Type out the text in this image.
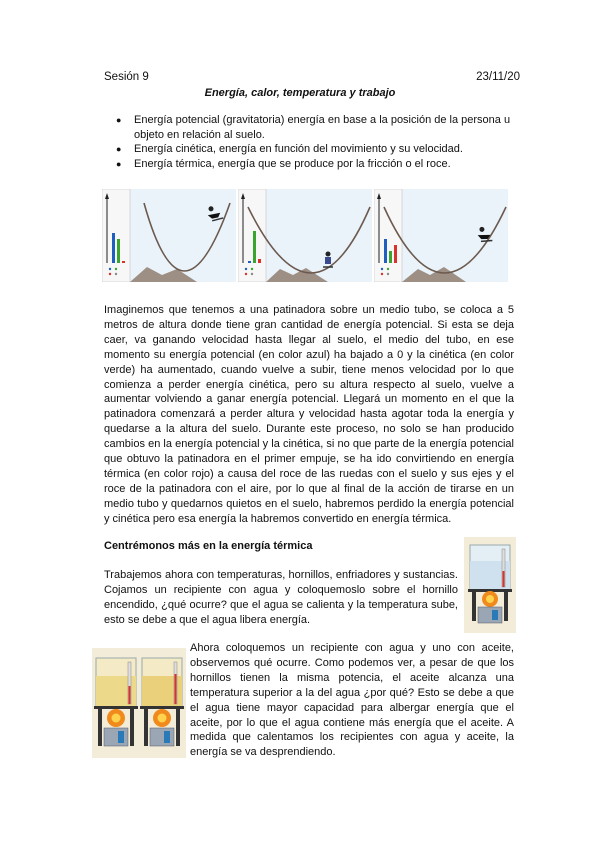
Sesión 9	23/11/20
Energía, calor, temperatura y trabajo
● Energía potencial (gravitatoria) energía en base a la posición de la persona u objeto en relación al suelo.
● Energía cinética, energía en función del movimiento y su velocidad.
● Energía térmica, energía que se produce por la fricción o el roce.

Imaginemos que tenemos a una patinadora sobre un medio tubo, se coloca a 5 metros de altura donde tiene gran cantidad de energía potencial. Si esta se deja caer, va ganando velocidad hasta llegar al suelo, el medio del tubo, en ese momento su energía potencial (en color azul) ha bajado a 0 y la cinética (en color verde) ha aumentado, cuando vuelve a subir, tiene menos velocidad por lo que comienza a perder energía cinética, pero su altura respecto al suelo, vuelve a aumentar volviendo a ganar energía potencial. Llegará un momento en el que la patinadora comenzará a perder altura y velocidad hasta agotar toda la energía y quedarse a la altura del suelo. Durante este proceso, no solo se han producido cambios en la energía potencial y la cinética, si no que parte de la energía potencial que obtuvo la patinadora en el primer empuje, se ha ido convirtiendo en energía térmica (en color rojo) a causa del roce de las ruedas con el suelo y sus ejes y el roce de la patinadora con el aire, por lo que al final de la acción de tirarse en un medio tubo y quedarnos quietos en el suelo, habremos perdido la energía potencial y cinética pero esa energía la habremos convertido en energía térmica.

Centrémonos más en la energía térmica

Trabajemos ahora con temperaturas, hornillos, enfriadores y sustancias. Cojamos un recipiente con agua y coloquemoslo sobre el hornillo encendido, ¿qué ocurre? que el agua se calienta y la temperatura sube, esto se debe a que el agua libera energía.

Ahora coloquemos un recipiente con agua y uno con aceite, observemos qué ocurre. Como podemos ver, a pesar de que los hornillos tienen la misma potencia, el aceite alcanza una temperatura superior a la del agua ¿por qué? Esto se debe a que el agua tiene mayor capacidad para albergar energía que el aceite, por lo que el agua contiene más energía que el aceite. A medida que calentamos los recipientes con agua y aceite, la energía se va desprendiendo.
